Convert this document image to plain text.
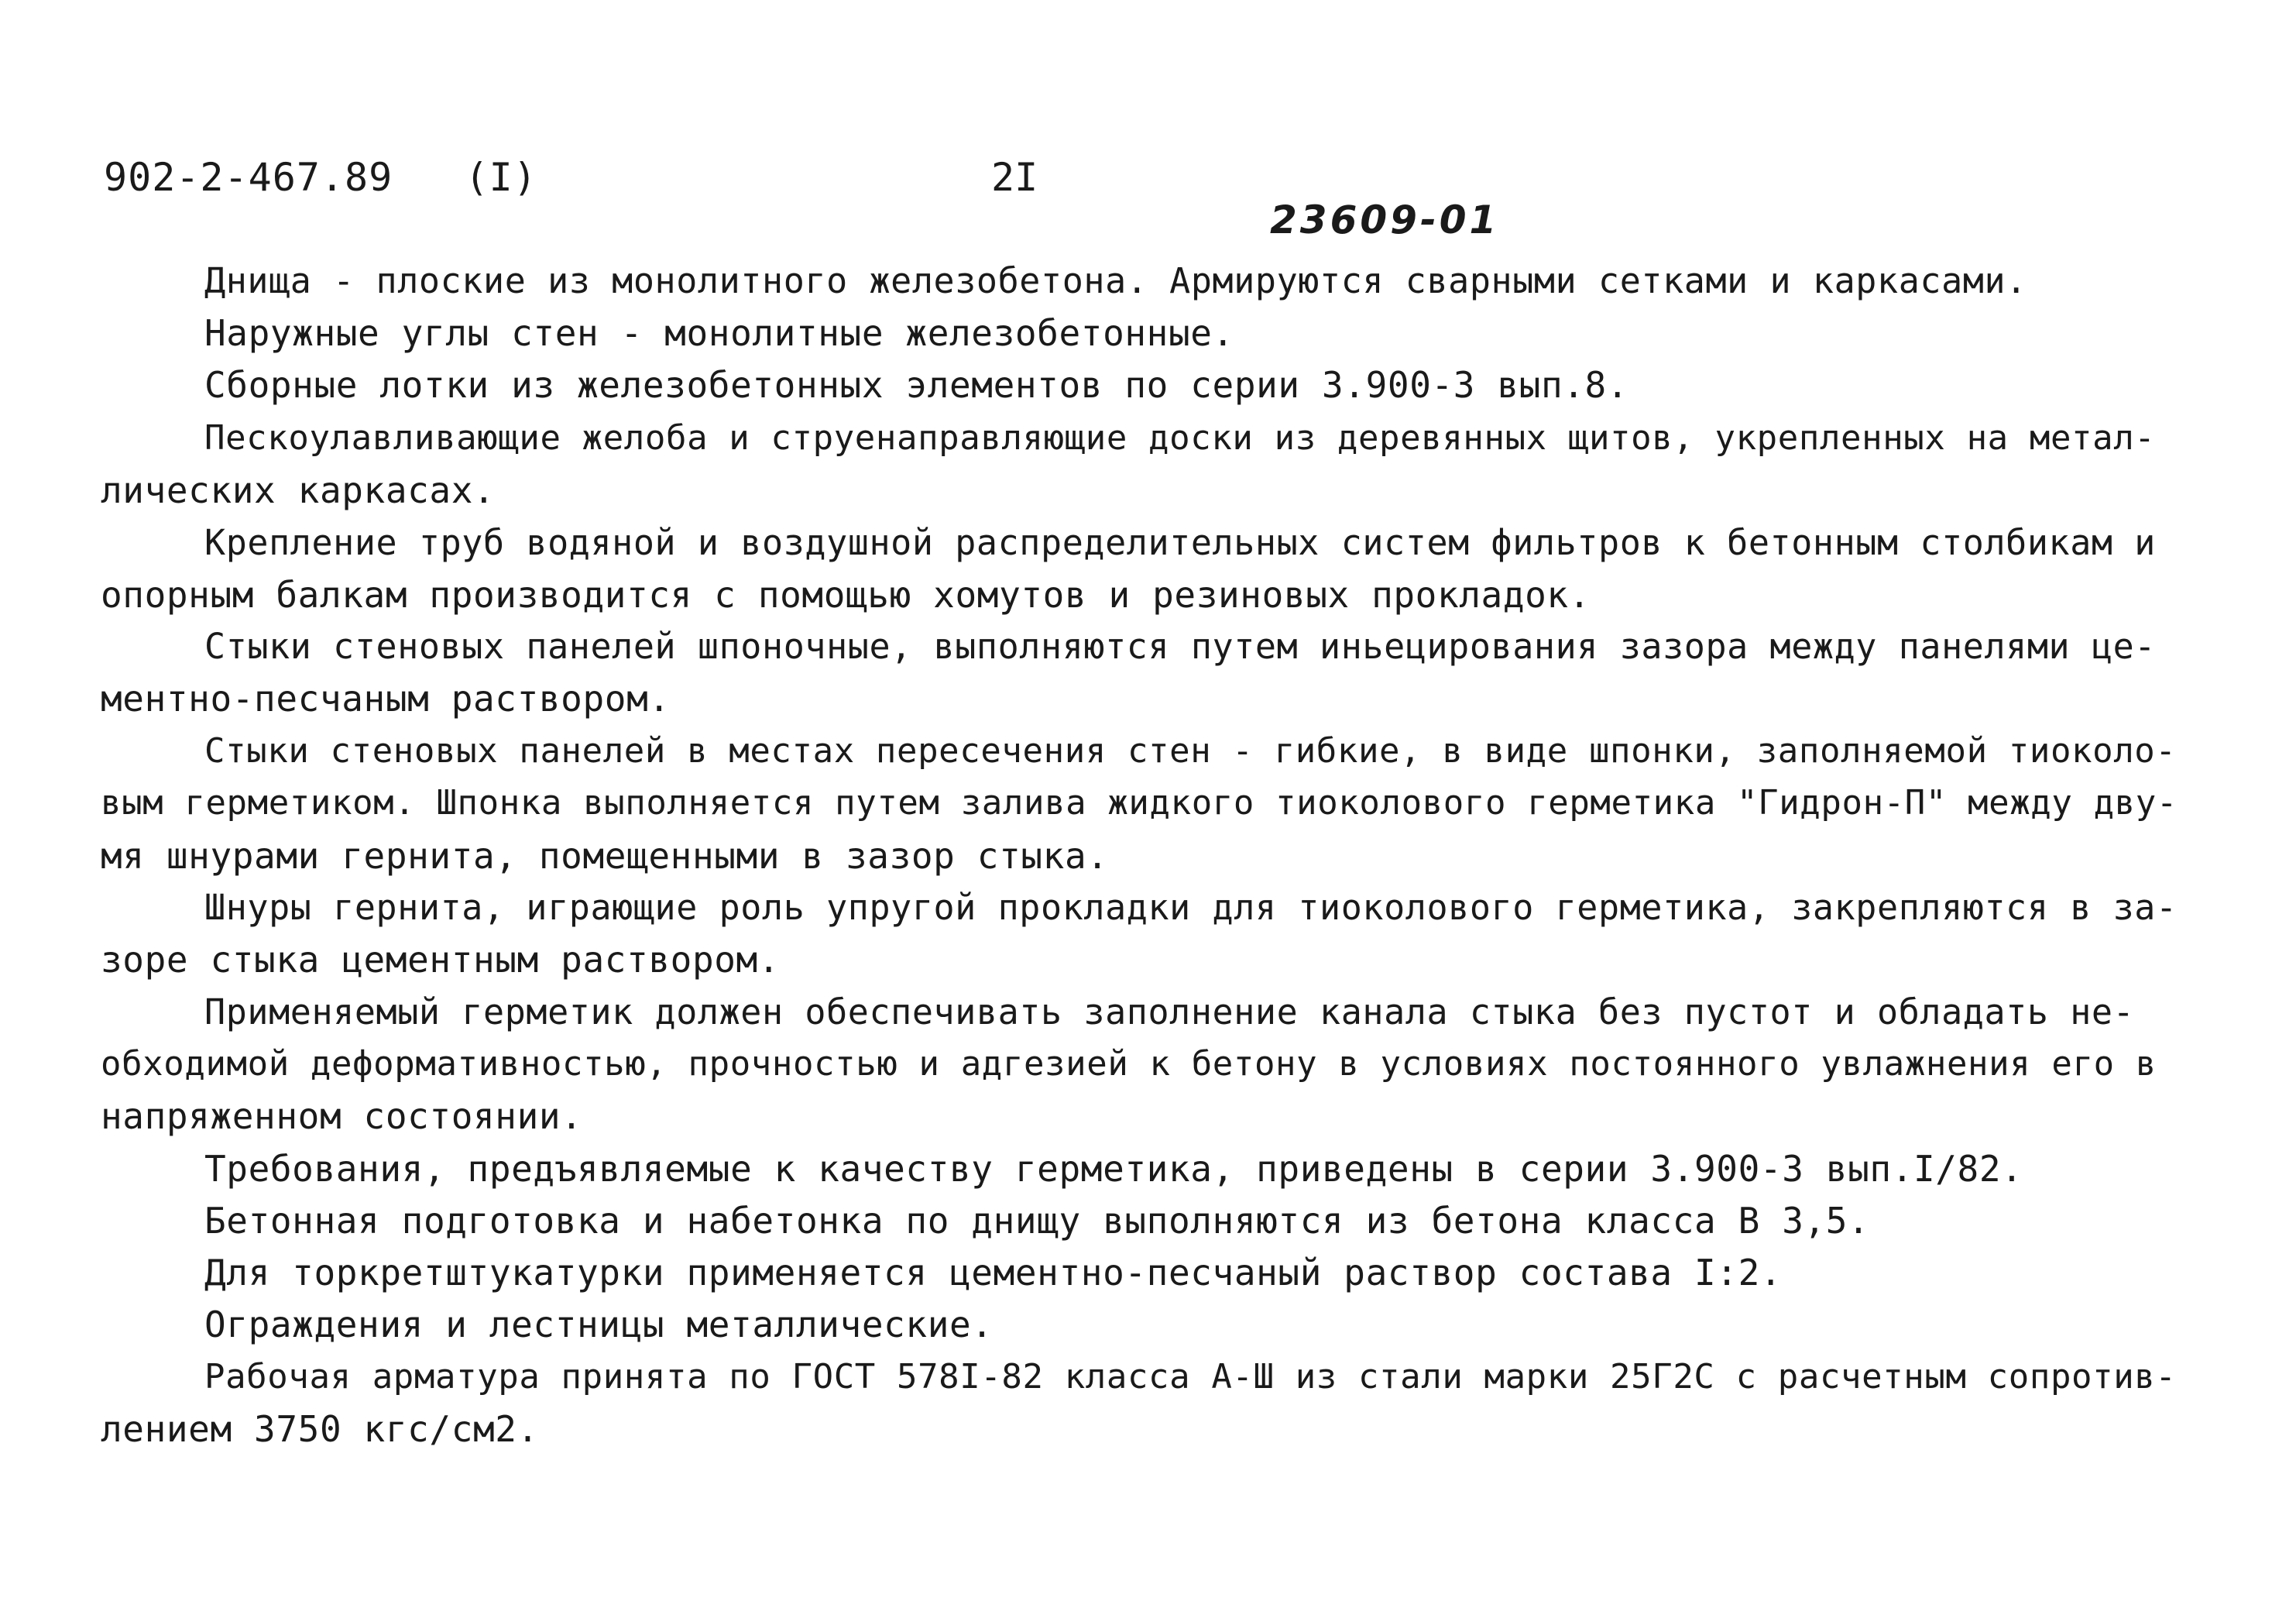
902-2-467.89   (I)	2I
23609-01
Днища - плоские из монолитного железобетона. Армируются сварными сетками и каркасами.
Наружные углы стен - монолитные железобетонные.
Сборные лотки из железобетонных элементов по серии 3.900-3 вып.8.
Пескоулавливающие желоба и струенаправляющие доски из деревянных щитов, укрепленных на метал-
лических каркасах.
Крепление труб водяной и воздушной распределительных систем фильтров к бетонным столбикам и
опорным балкам производится с помощью хомутов и резиновых прокладок.
Стыки стеновых панелей шпоночные, выполняются путем иньецирования зазора между панелями це-
ментно-песчаным раствором.
Стыки стеновых панелей в местах пересечения стен - гибкие, в виде шпонки, заполняемой тиоколо-
вым герметиком. Шпонка выполняется путем залива жидкого тиоколового герметика "Гидрон-П" между дву-
мя шнурами гернита, помещенными в зазор стыка.
Шнуры гернита, играющие роль упругой прокладки для тиоколового герметика, закрепляются в за-
зоре стыка цементным раствором.
Применяемый герметик должен обеспечивать заполнение канала стыка без пустот и обладать не-
обходимой деформативностью, прочностью и адгезией к бетону в условиях постоянного увлажнения его в
напряженном состоянии.
Требования, предъявляемые к качеству герметика, приведены в серии 3.900-3 вып.I/82.
Бетонная подготовка и набетонка по днищу выполняются из бетона класса В 3,5.
Для торкретштукатурки применяется цементно-песчаный раствор состава I:2.
Ограждения и лестницы металлические.
Рабочая арматура принята по ГОСТ 578I-82 класса А-Ш из стали марки 25Г2С с расчетным сопротив-
лением 3750 кгс/см2.
